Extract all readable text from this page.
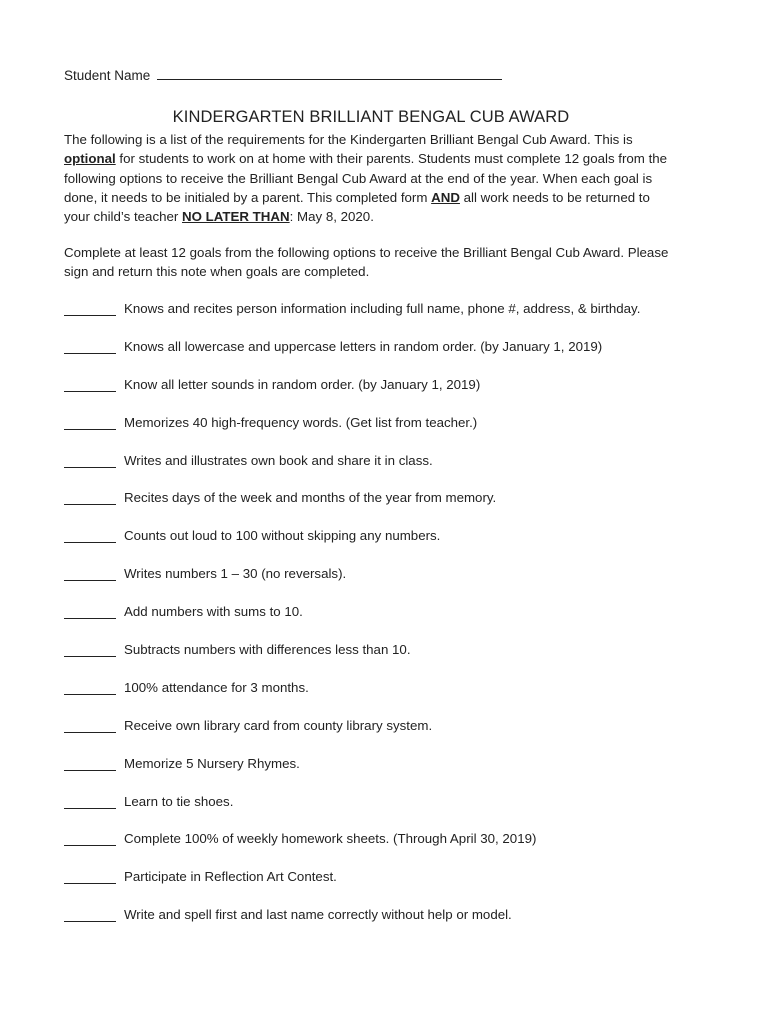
Student Name
KINDERGARTEN BRILLIANT BENGAL CUB AWARD

The following is a list of the requirements for the Kindergarten Brilliant Bengal Cub Award. This is optional for students to work on at home with their parents. Students must complete 12 goals from the following options to receive the Brilliant Bengal Cub Award at the end of the year. When each goal is done, it needs to be initialed by a parent. This completed form AND all work needs to be returned to your child’s teacher NO LATER THAN: May 8, 2020.

Complete at least 12 goals from the following options to receive the Brilliant Bengal Cub Award. Please sign and return this note when goals are completed.

Knows and recites person information including full name, phone #, address, & birthday.
Knows all lowercase and uppercase letters in random order. (by January 1, 2019)
Know all letter sounds in random order. (by January 1, 2019)
Memorizes 40 high-frequency words. (Get list from teacher.)
Writes and illustrates own book and share it in class.
Recites days of the week and months of the year from memory.
Counts out loud to 100 without skipping any numbers.
Writes numbers 1 – 30 (no reversals).
Add numbers with sums to 10.
Subtracts numbers with differences less than 10.
100% attendance for 3 months.
Receive own library card from county library system.
Memorize 5 Nursery Rhymes.
Learn to tie shoes.
Complete 100% of weekly homework sheets. (Through April 30, 2019)
Participate in Reflection Art Contest.
Write and spell first and last name correctly without help or model.
